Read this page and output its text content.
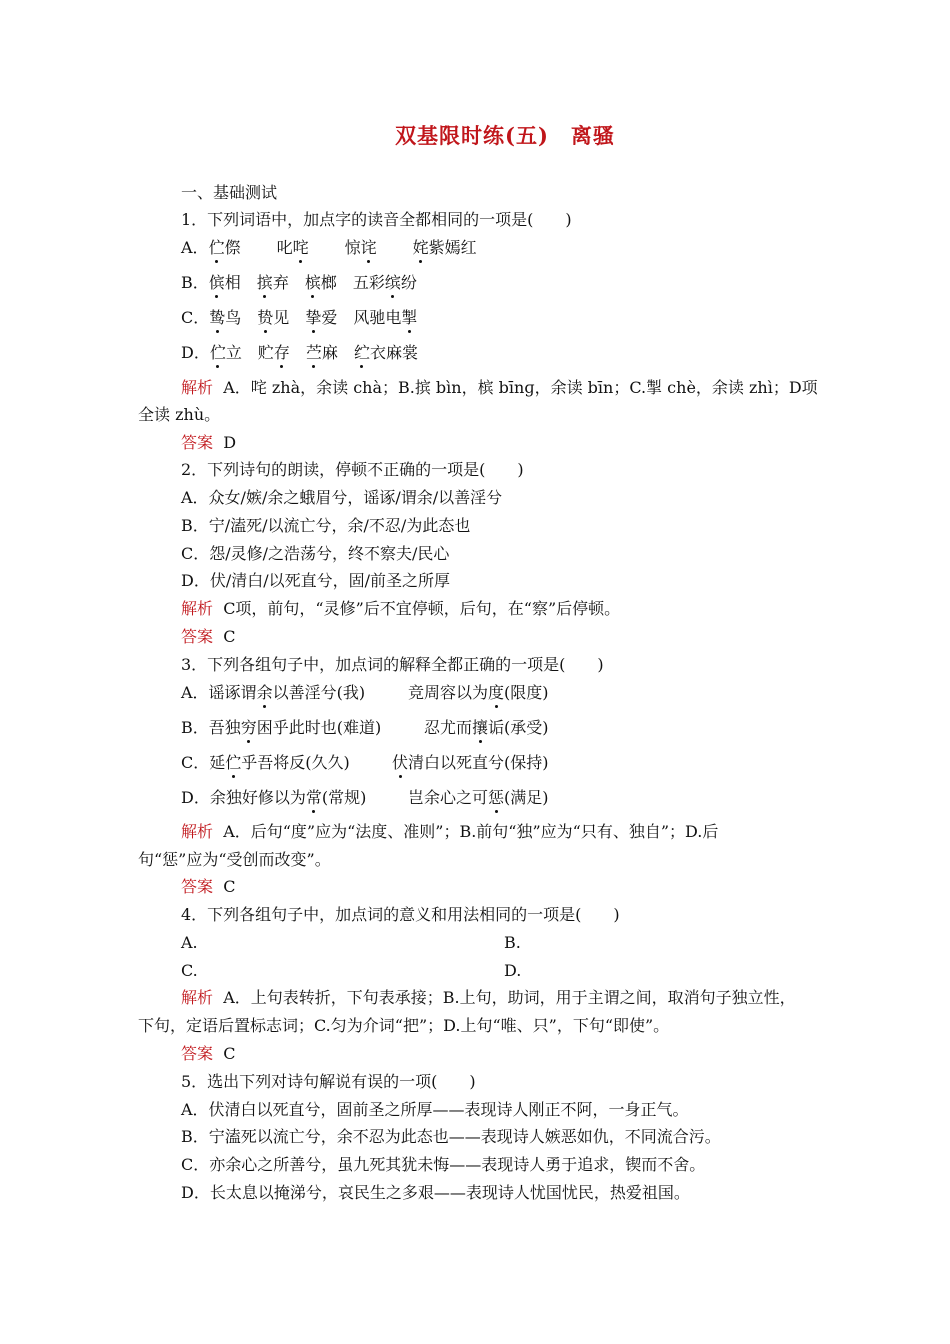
双基限时练(五)　离骚
一、基础测试
1．下列词语中，加点字的读音全都相同的一项是(　　)
A．伫傺 叱咤 惊诧 姹紫嫣红
B．傧相 摈弃 槟榔 五彩缤纷
C．鸷鸟 贽见 挚爱 风驰电掣
D．伫立 贮存 苎麻 纻衣麻裳
解析 A．咤 zhà，余读 chà；B.摈 bìn，槟 bīnɡ，余读 bīn；C.掣 chè，余读 zhì；D项
全读 zhù。
答案 D
2．下列诗句的朗读，停顿不正确的一项是(　　)
A．众女/嫉/余之蛾眉兮，谣诼/谓余/以善淫兮
B．宁/溘死/以流亡兮，余/不忍/为此态也
C．怨/灵修/之浩荡兮，终不察夫/民心
D．伏/清白/以死直兮，固/前圣之所厚
解析 C项，前句，“灵修”后不宜停顿，后句，在“察”后停顿。
答案 C
3．下列各组句子中，加点词的解释全都正确的一项是(　　)
A．谣诼谓余以善淫兮(我)	竞周容以为度(限度)
B．吾独穷困乎此时也(难道)	忍尤而攘诟(承受)
C．延伫乎吾将反(久久)	伏清白以死直兮(保持)
D．余独好修以为常(常规)	岂余心之可惩(满足)
解析 A．后句“度”应为“法度、准则”；B.前句“独”应为“只有、独自”；D.后
句“惩”应为“受创而改变”。
答案 C
4．下列各组句子中，加点词的意义和用法相同的一项是(　　)
A.	B.
C.	D.
解析 A．上句表转折，下句表承接；B.上句，助词，用于主谓之间，取消句子独立性，
下句，定语后置标志词；C.匀为介词“把”；D.上句“唯、只”，下句“即使”。
答案 C
5．选出下列对诗句解说有误的一项(　　)
A．伏清白以死直兮，固前圣之所厚——表现诗人刚正不阿，一身正气。
B．宁溘死以流亡兮，余不忍为此态也——表现诗人嫉恶如仇，不同流合污。
C．亦余心之所善兮，虽九死其犹未悔——表现诗人勇于追求，锲而不舍。
D．长太息以掩涕兮，哀民生之多艰——表现诗人忧国忧民，热爱祖国。
